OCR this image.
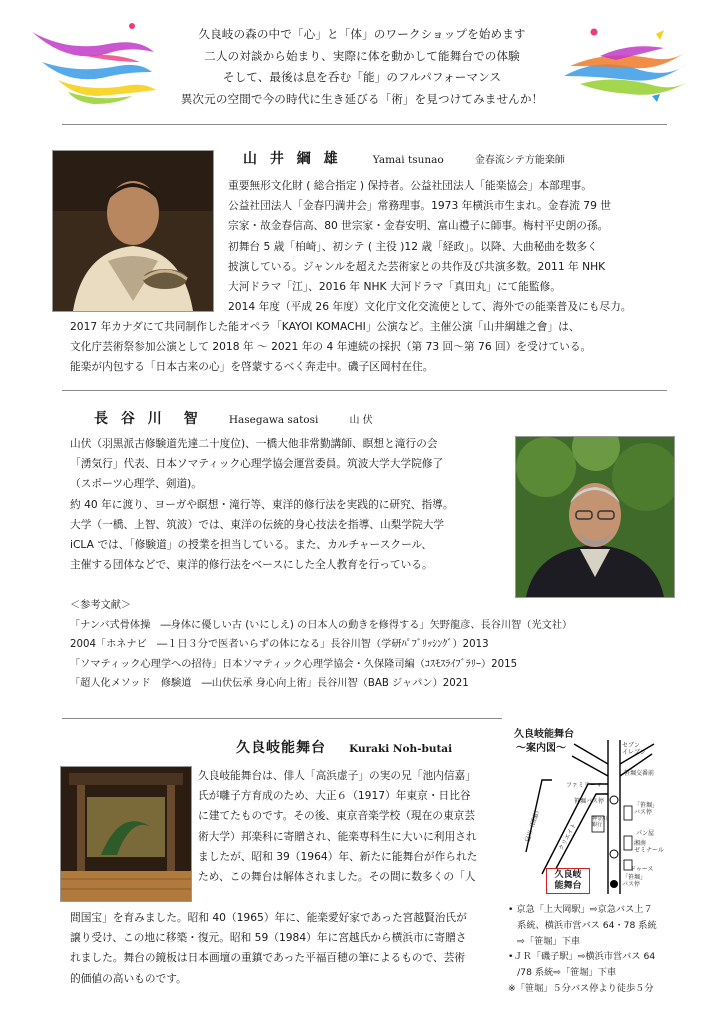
久良岐の森の中で「心」と「体」のワークショップを始めます
二人の対談から始まり、実際に体を動かして能舞台での体験
そして、最後は息を呑む「能」のフルパフォーマンス
異次元の空間で今の時代に生き延びる「術」を見つけてみませんか！
山 井 綱 雄	Yamai tsunao	金春流シテ方能楽師
重要無形文化財 ( 総合指定 ) 保持者。公益社団法人「能楽協会」本部理事。
公益社団法人「金春円満井会」常務理事。1973 年横浜市生まれ。金春流 79 世
宗家・故金春信高、80 世宗家・金春安明、富山禮子に師事。梅村平史朗の孫。
初舞台 5 歳「柏崎」、初シテ ( 主役 )12 歳「経政」。以降、大曲秘曲を数多く
披演している。ジャンルを超えた芸術家との共作及び共演多数。2011 年 NHK
大河ドラマ「江」、2016 年 NHK 大河ドラマ「真田丸」にて能監修。
2014 年度（平成 26 年度）文化庁文化交流使として、海外での能楽普及にも尽力。
2017 年カナダにて共同制作した能オペラ「KAYOI KOMACHI」公演など。主催公演「山井綱雄之會」は、
文化庁芸術祭参加公演として 2018 年 ～ 2021 年の 4 年連続の採択（第 73 回～第 76 回）を受けている。
能楽が内包する「日本古来の心」を啓蒙するべく奔走中。磯子区岡村在住。
長 谷 川　智	Hasegawa satosi	山 伏
山伏（羽黒派古修験道先達二十度位)、一橋大他非常勤講師、瞑想と滝行の会
「湧気行」代表、日本ソマティック心理学協会運営委員。筑波大学大学院修了
（スポーツ心理学、剣道)。
約 40 年に渡り、ヨーガや瞑想・滝行等、東洋的修行法を実践的に研究、指導。
大学（一橋、上智、筑波）では、東洋の伝統的身心技法を指導、山梨学院大学
iCLA では、「修験道」の授業を担当している。また、カルチャースクール、
主催する団体などで、東洋的修行法をベースにした全人教育を行っている。
＜参考文献＞
「ナンバ式骨体操　―身体に優しい古 (いにしえ) の日本人の動きを修得する」矢野龍彦、長谷川智（光文社）
2004「ホネナビ　―１日３分で医者いらずの体になる」長谷川智（学研ﾊﾟﾌﾞﾘｯｼﾝｸﾞ）2013
「ソマティック心理学への招待」日本ソマティック心理学協会・久保隆司編（ｺｽﾓｽﾗｲﾌﾞﾗﾘｰ）2015
「超人化メソッド　修験道　―山伏伝承 身心向上術」長谷川智（BAB ジャパン）2021
久良岐能舞台 Kuraki Noh-butai
久良岐能舞台は、俳人「高浜虚子」の実の兄「池内信嘉」
氏が囃子方育成のため、大正６（1917）年東京・日比谷
に建てたものです。その後、東京音楽学校（現在の東京芸
術大学）邦楽科に寄贈され、能楽専科生に大いに利用され
ましたが、昭和 39（1964）年、新たに能舞台が作られた
ため、この舞台は解体されました。その間に数多くの「人
間国宝」を育みました。昭和 40（1965）年に、能楽愛好家であった宮越賢治氏が
譲り受け、この地に移築・復元。昭和 59（1984）年に宮越氏から横浜市に寄贈さ
れました。舞台の鏡板は日本画壇の重鎮であった平福百穂の筆によるもので、芸術
的価値の高いものです。
久良岐能舞台
～案内図～	セブン
イレブン
ファミリーマ
笹堀交番前
笹堀バス停
神奈川
銀行
「笹堀」
バス停
パン屋
湘南
ゼミナール
ドゥース
「笹堀」
バス停
クリエイト
巳川（国道）
久良岐
能舞台
• 京急「上大岡駅」⇨京急バス上７
　系統、横浜市営バス 64・78 系統
　⇨「笹堀」下車
•ＪＲ「磯子駅」⇨横浜市営バス 64
　/78 系統⇨「笹堀」下車
※「笹堀」５分バス停より徒歩５分
